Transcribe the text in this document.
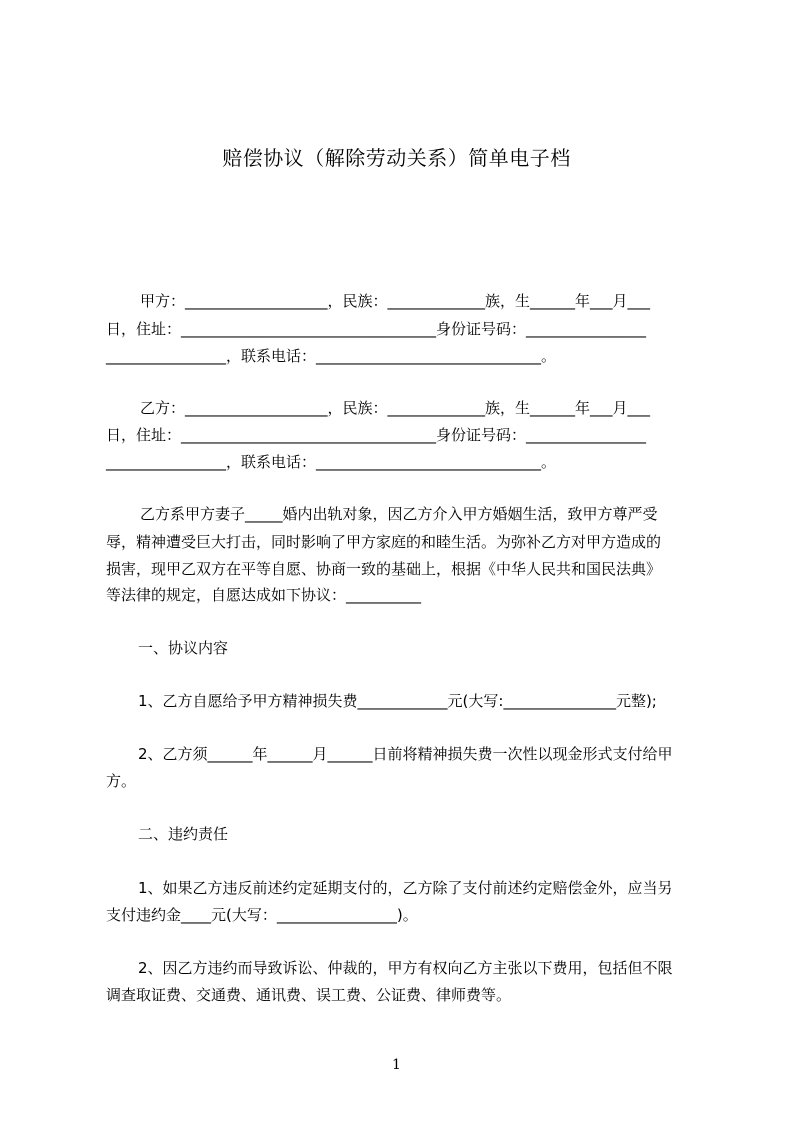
赔偿协议（解除劳动关系）简单电子档
甲方：___________________，民族：_____________族，生______年___月___
日，住址：__________________________________身份证号码：________________
________________，联系电话：______________________________。
乙方：___________________，民族：_____________族，生______年___月___
日，住址：__________________________________身份证号码：________________
________________，联系电话：______________________________。
乙方系甲方妻子_____婚内出轨对象，因乙方介入甲方婚姻生活，致甲方尊严受
辱，精神遭受巨大打击，同时影响了甲方家庭的和睦生活。为弥补乙方对甲方造成的
损害，现甲乙双方在平等自愿、协商一致的基础上，根据《中华人民共和国民法典》
等法律的规定，自愿达成如下协议：__________
一、协议内容
1、乙方自愿给予甲方精神损失费____________元(大写:_______________元整);
2、乙方须______年______月______日前将精神损失费一次性以现金形式支付给甲
方。
二、违约责任
1、如果乙方违反前述约定延期支付的，乙方除了支付前述约定赔偿金外，应当另
支付违约金____元(大写：________________)。
2、因乙方违约而导致诉讼、仲裁的，甲方有权向乙方主张以下费用，包括但不限
调查取证费、交通费、通讯费、误工费、公证费、律师费等。
1
